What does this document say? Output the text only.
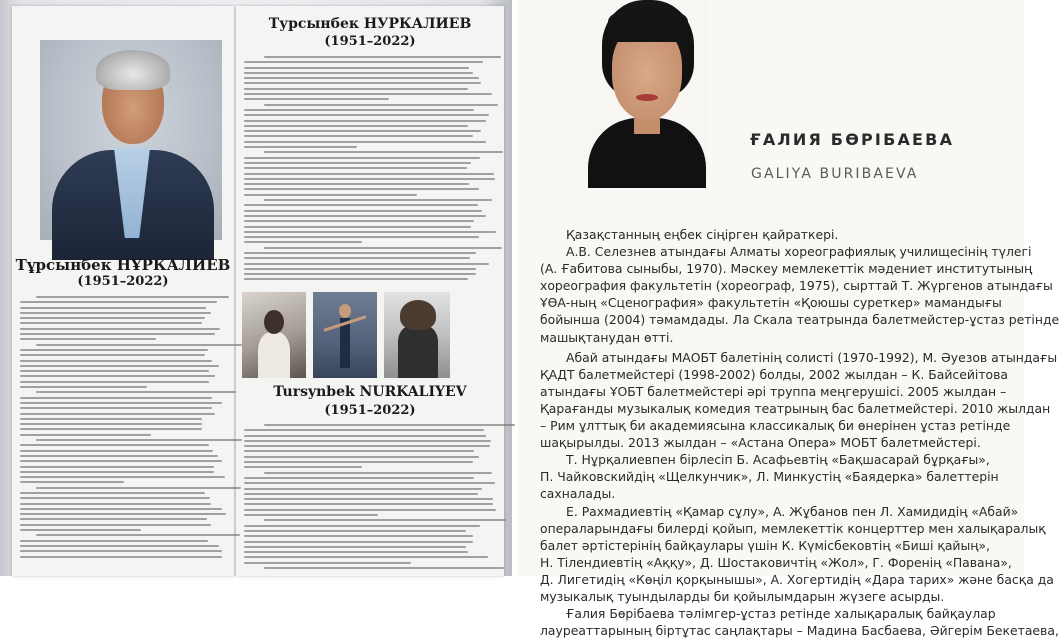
Турсынбек НУРКАЛИЕВ
(1951–2022)
Tursynbek NURKALIYEV
(1951–2022)
Тұрсынбек НҰРКАЛИЕВ
(1951–2022)
ҒАЛИЯ БӨРІБАЕВА
GALIYA BURIBAEVA
Қазақстанның еңбек сіңірген қайраткері.
А.В. Селезнев атындағы Алматы хореографиялық училищесінің түлегі
(А. Ғабитова сыныбы, 1970). Мәскеу мемлекеттік мәдениет институтының
хореография факультетін (хореограф, 1975), сырттай Т. Жүргенов атындағы
ҰӨА-ның «Сценография» факультетін «Қоюшы суреткер» мамандығы
бойынша (2004) тәмамдады. Ла Скала театрында балетмейстер-ұстаз ретінде
машықтанудан өтті.
Абай атындағы МАОБТ балетінің солисті (1970-1992), М. Әуезов атындағы
ҚАДТ балетмейстері (1998-2002) болды, 2002 жылдан – К. Байсейітова
атындағы ҰОБТ балетмейстері әрі труппа меңгерушісі. 2005 жылдан –
Қарағанды музыкалық комедия театрының бас балетмейстері. 2010 жылдан
– Рим ұлттық би академиясына классикалық би өнерінен ұстаз ретінде
шақырылды. 2013 жылдан – «Астана Опера» МОБТ балетмейстері.
Т. Нұрқалиевпен бірлесіп Б. Асафьевтің «Бақшасарай бұрқағы»,
П. Чайковскийдің «Щелкунчик», Л. Минкустің «Баядерка» балеттерін
сахналады.
Е. Рахмадиевтің «Қамар сұлу», А. Жұбанов пен Л. Хамидидің «Абай»
операларындағы билерді қойып, мемлекеттік концерттер мен халықаралық
балет әртістерінің байқаулары үшін К. Күмісбековтің «Биші қайың»,
Н. Тілендиевтің «Аққу», Д. Шостаковичтің «Жол», Г. Форенің «Павана»,
Д. Лигетидің «Көңіл қорқынышы», А. Хогертидің «Дара тарих» және басқа да
музыкалық туындыларды би қойылымдарын жүзеге асырды.
Ғалия Бөрібаева тәлімгер-ұстаз ретінде халықаралық байқаулар
лауреаттарының біртұтас саңлақтары – Мадина Басбаева, Әйгерім Бекетаева,
